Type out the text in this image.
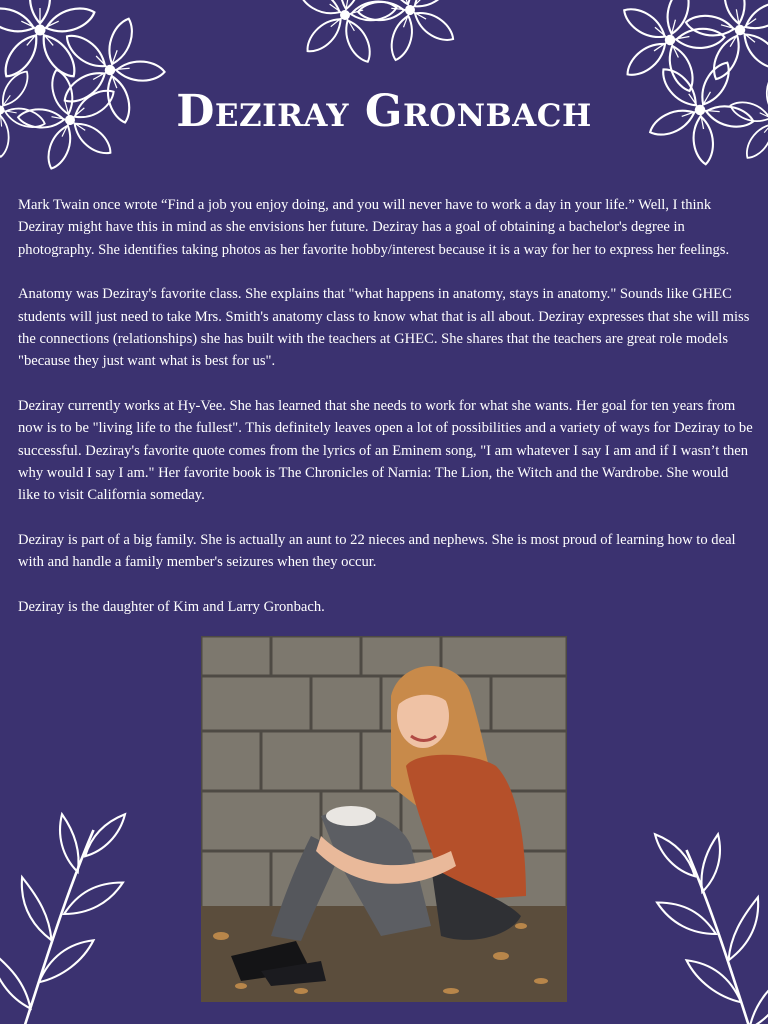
Deziray Gronbach

Mark Twain once wrote “Find a job you enjoy doing, and you will never have to work a day in your life.” Well, I think Deziray might have this in mind as she envisions her future. Deziray has a goal of obtaining a bachelor's degree in photography. She identifies taking photos as her favorite hobby/interest because it is a way for her to express her feelings.

Anatomy was Deziray's favorite class. She explains that "what happens in anatomy, stays in anatomy." Sounds like GHEC students will just need to take Mrs. Smith's anatomy class to know what that is all about. Deziray expresses that she will miss the connections (relationships) she has built with the teachers at GHEC. She shares that the teachers are great role models "because they just want what is best for us".

Deziray currently works at Hy-Vee. She has learned that she needs to work for what she wants. Her goal for ten years from now is to be "living life to the fullest". This definitely leaves open a lot of possibilities and a variety of ways for Deziray to be successful. Deziray's favorite quote comes from the lyrics of an Eminem song, "I am whatever I say I am and if I wasn’t then why would I say I am." Her favorite book is The Chronicles of Narnia: The Lion, the Witch and the Wardrobe. She would like to visit California someday.

Deziray is part of a big family. She is actually an aunt to 22 nieces and nephews. She is most proud of learning how to deal with and handle a family member's seizures when they occur.

Deziray is the daughter of Kim and Larry Gronbach.
